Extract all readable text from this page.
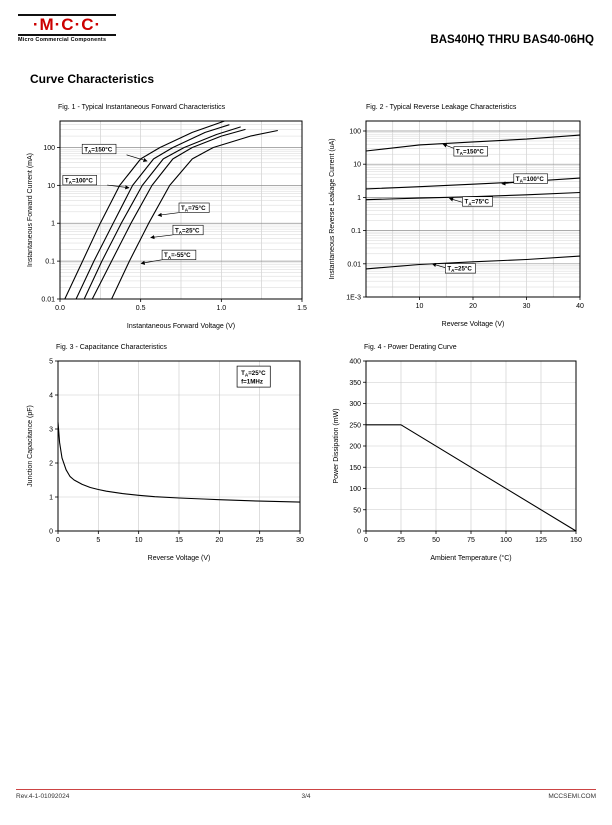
·M·C·C·
Micro Commercial Components	BAS40HQ THRU BAS40-06HQ
Curve Characteristics
Fig. 1 - Typical Instantaneous Forward Characteristics
0.0	0.5	1.0	1.5
0.01
0.1
1
10
100
Instantaneous Forward Voltage (V)
Instantaneous Forward Current (mA)
$T_A=150^\circ C$
$T_A=100^\circ C$
$T_A=75^\circ C$
$T_A=25^\circ C$
$T_A=-55^\circ C$
Fig. 2 - Typical Reverse Leakage Characteristics
10	20	30	40
1E-3
0.01
0.1
1
10
100
Reverse Voltage (V)
Instantaneous Reverse Leakage Current (uA)	$T_A=150^\circ C$
$T_A=100^\circ C$
$T_A=75^\circ C$
$T_A=25^\circ C$
Fig. 3 - Capacitance Characteristics
0	5	10	15	20	25	30
0
1
2
3
4
5
Reverse Voltage (V)
Junction Capacitance (pF)
$T_A=25^\circ C$
f=1MHz
Fig. 4 - Power Derating Curve
0	25	50	75	100	125	150
0
50
100
150
200
250
300
350
400
Ambient Temperature (°C)
Power Dissipation (mW)
Rev.4-1-01092024	3/4	MCCSEMI.COM
